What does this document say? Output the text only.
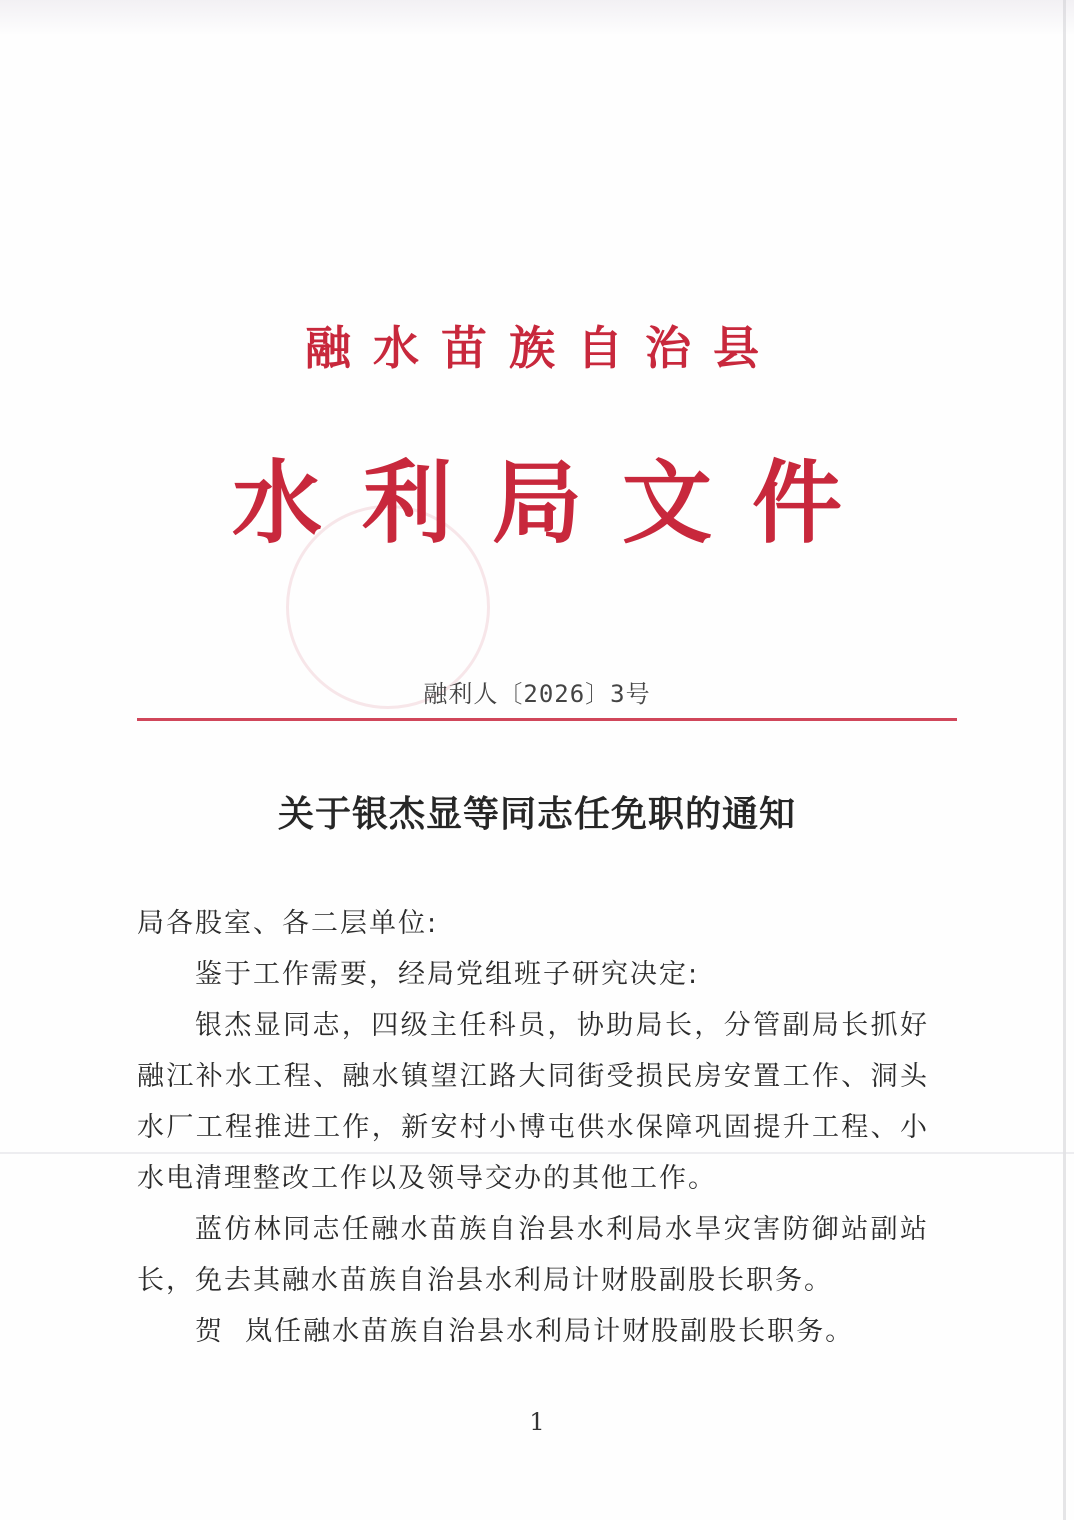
融水苗族自治县
水利局文件
融利人〔2026〕3号
关于银杰显等同志任免职的通知
局各股室、各二层单位:
鉴于工作需要，经局党组班子研究决定:
银杰显同志，四级主任科员，协助局长，分管副局长抓好融江补水工程、融水镇望江路大同街受损民房安置工作、洞头水厂工程推进工作，新安村小博屯供水保障巩固提升工程、小水电清理整改工作以及领导交办的其他工作。
蓝仿林同志任融水苗族自治县水利局水旱灾害防御站副站长，免去其融水苗族自治县水利局计财股副股长职务。
贺  岚任融水苗族自治县水利局计财股副股长职务。
1
